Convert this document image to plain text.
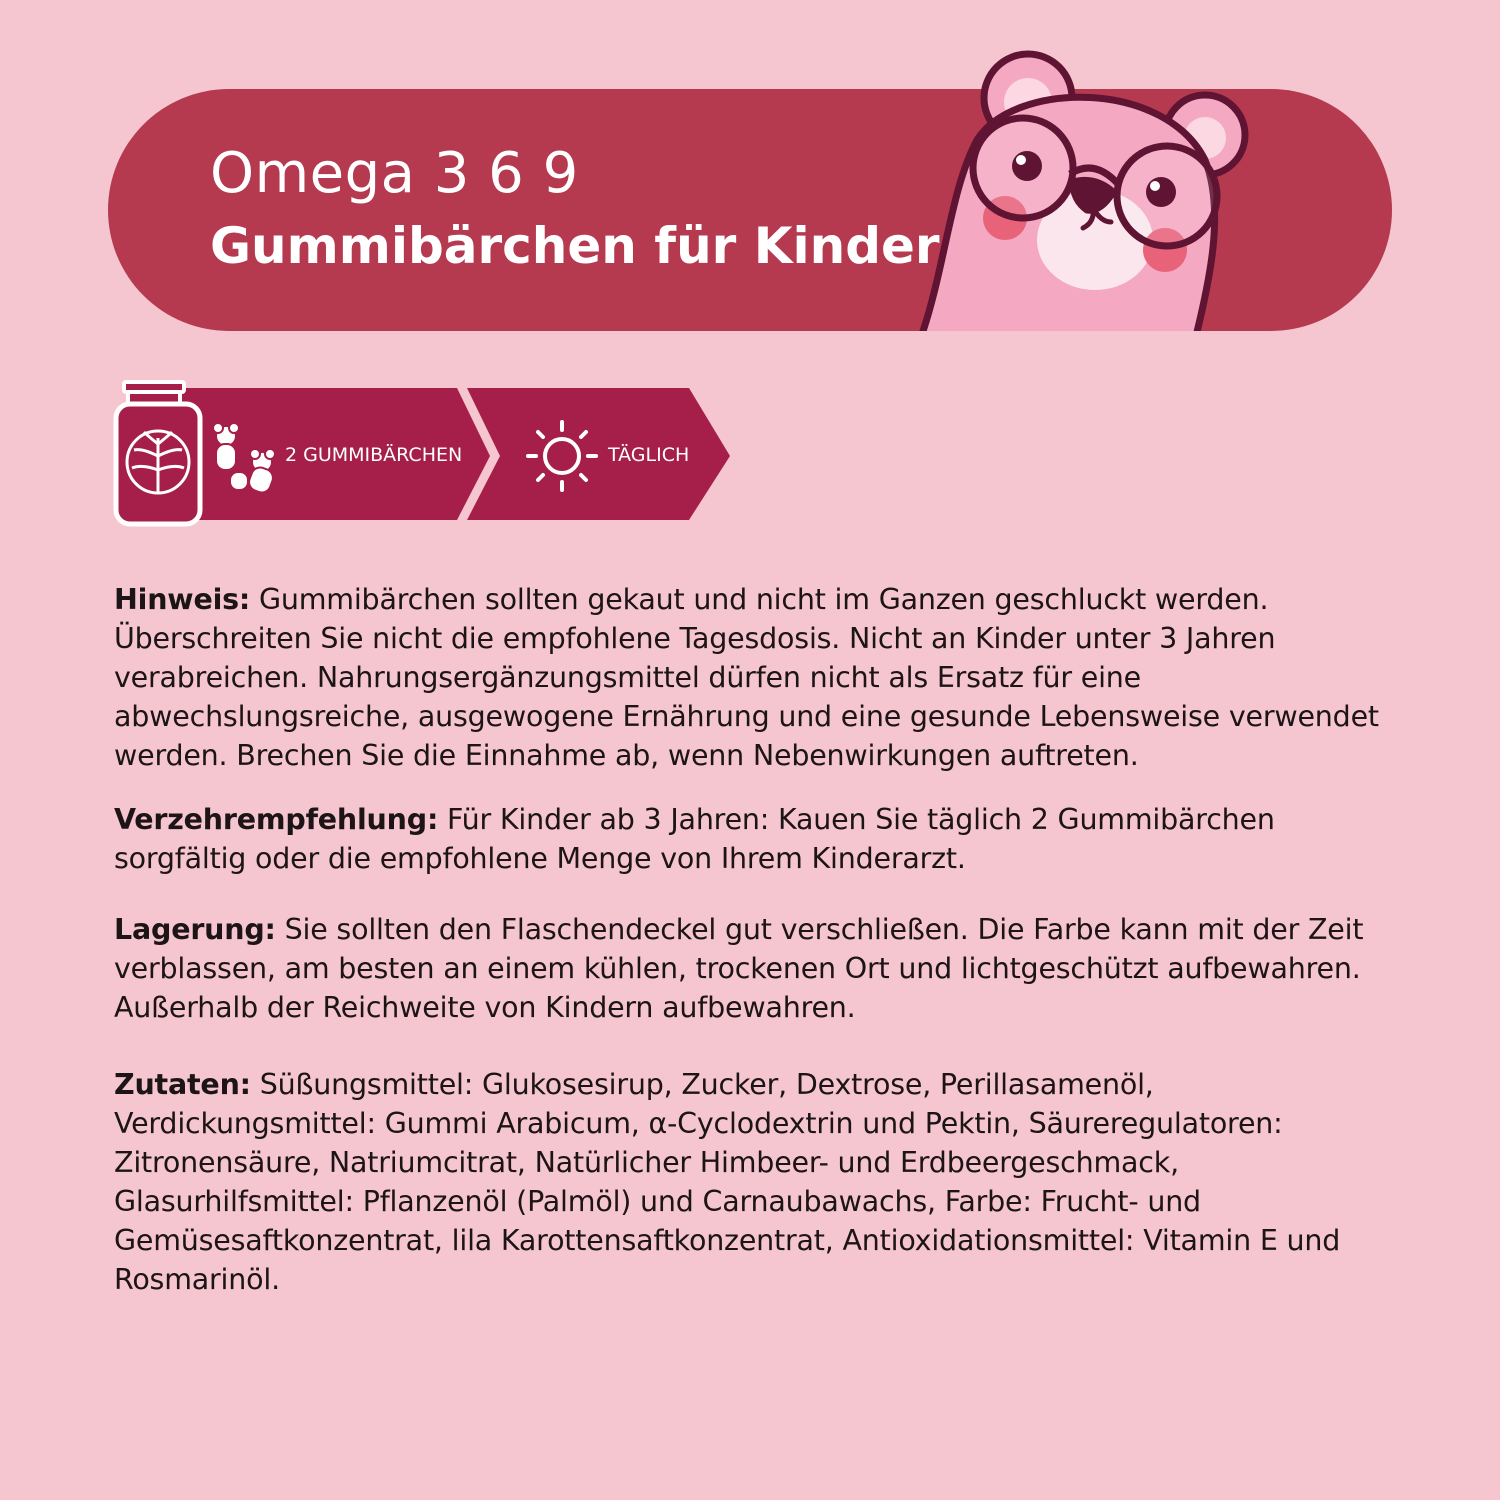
Omega 3 6 9
Gummibärchen für Kinder
2 GUMMIBÄRCHEN	TÄGLICH

Hinweis: Gummibärchen sollten gekaut und nicht im Ganzen geschluckt werden. Überschreiten Sie nicht die empfohlene Tagesdosis. Nicht an Kinder unter 3 Jahren verabreichen. Nahrungsergänzungsmittel dürfen nicht als Ersatz für eine abwechslungsreiche, ausgewogene Ernährung und eine gesunde Lebensweise verwendet werden. Brechen Sie die Einnahme ab, wenn Nebenwirkungen auftreten.

Verzehrempfehlung: Für Kinder ab 3 Jahren: Kauen Sie täglich 2 Gummibärchen sorgfältig oder die empfohlene Menge von Ihrem Kinderarzt.

Lagerung: Sie sollten den Flaschendeckel gut verschließen. Die Farbe kann mit der Zeit verblassen, am besten an einem kühlen, trockenen Ort und lichtgeschützt aufbewahren. Außerhalb der Reichweite von Kindern aufbewahren.

Zutaten: Süßungsmittel: Glukosesirup, Zucker, Dextrose, Perillasamenöl, Verdickungsmittel: Gummi Arabicum, α-Cyclodextrin und Pektin, Säureregulatoren: Zitronensäure, Natriumcitrat, Natürlicher Himbeer- und Erdbeergeschmack, Glasurhilfsmittel: Pflanzenöl (Palmöl) und Carnaubawachs, Farbe: Frucht- und Gemüsesaftkonzentrat, lila Karottensaftkonzentrat, Antioxidationsmittel: Vitamin E und Rosmarinöl.
